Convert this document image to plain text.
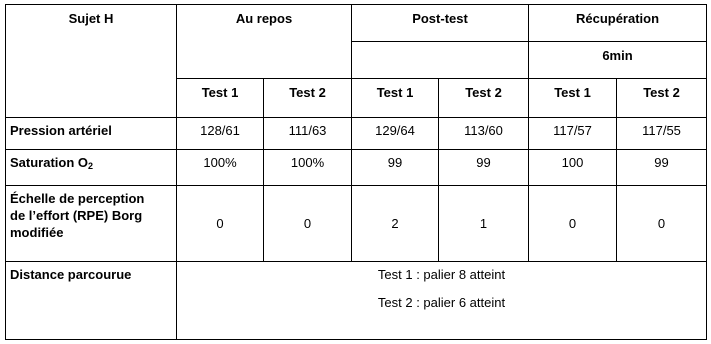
Sujet H	Au repos		Post-test		Récupération	
					6min	
	Test 1	Test 2	Test 1	Test 2	Test 1	Test 2
Pression artériel	128/61	111/63	129/64	113/60	117/57	117/55
Saturation $O_2$	100%	100%	99	99	100	99

Échelle de perception
de l’effort (RPE) Borg
modifiée	0	0	2	1	0	0
Distance parcourue	Test 1 : palier 8 atteint
Test 2 : palier 6 atteint					
